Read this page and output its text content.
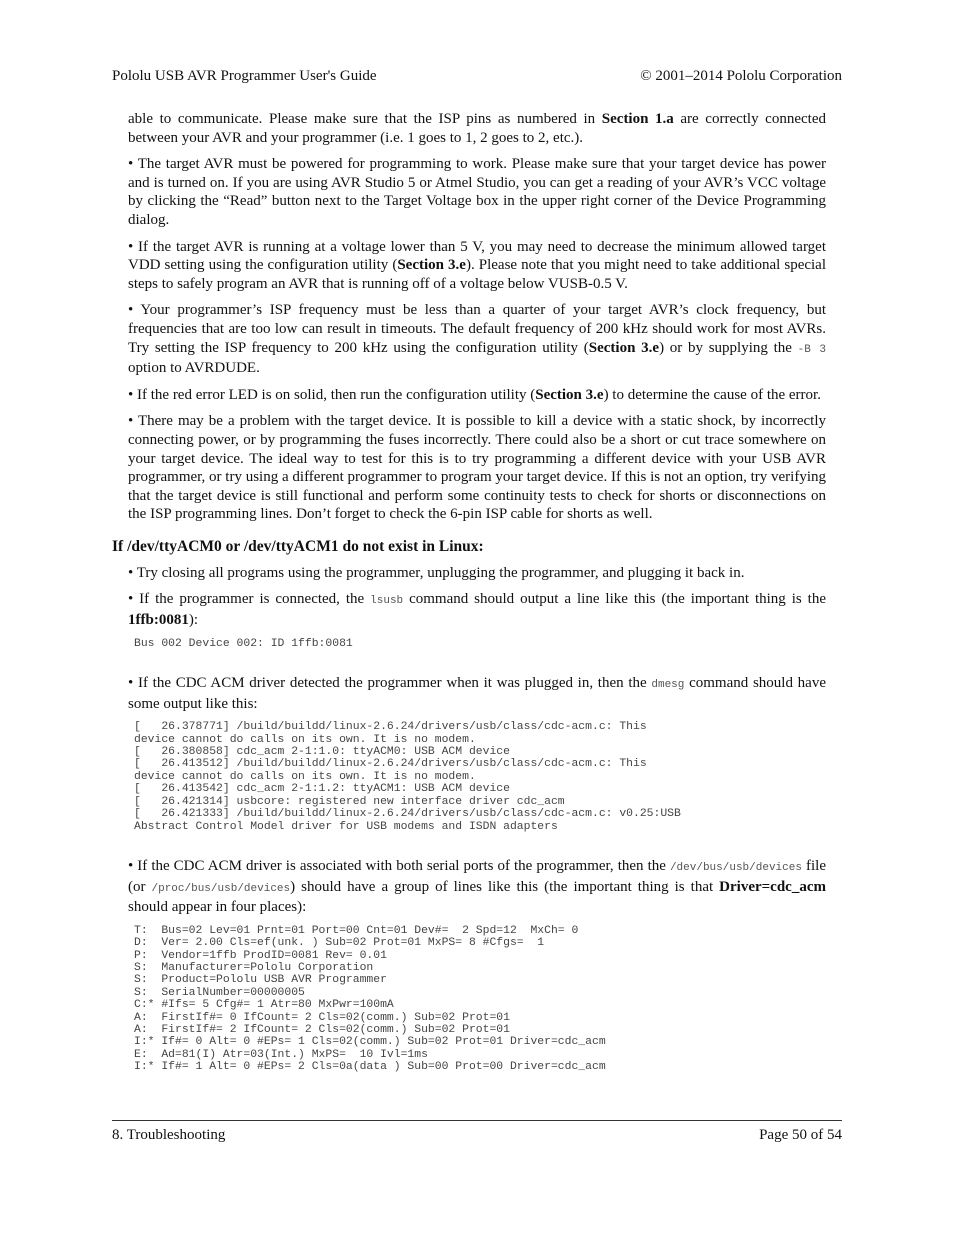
Pololu USB AVR Programmer User's Guide	© 2001–2014 Pololu Corporation

able to communicate. Please make sure that the ISP pins as numbered in Section 1.a are correctly connected between your AVR and your programmer (i.e. 1 goes to 1, 2 goes to 2, etc.).

• The target AVR must be powered for programming to work. Please make sure that your target device has power and is turned on. If you are using AVR Studio 5 or Atmel Studio, you can get a reading of your AVR’s VCC voltage by clicking the “Read” button next to the Target Voltage box in the upper right corner of the Device Programming dialog.

• If the target AVR is running at a voltage lower than 5 V, you may need to decrease the minimum allowed target VDD setting using the configuration utility (Section 3.e). Please note that you might need to take additional special steps to safely program an AVR that is running off of a voltage below VUSB-0.5 V.

• Your programmer’s ISP frequency must be less than a quarter of your target AVR’s clock frequency, but frequencies that are too low can result in timeouts. The default frequency of 200 kHz should work for most AVRs. Try setting the ISP frequency to 200 kHz using the configuration utility (Section 3.e) or by supplying the -B 3 option to AVRDUDE.

• If the red error LED is on solid, then run the configuration utility (Section 3.e) to determine the cause of the error.

• There may be a problem with the target device. It is possible to kill a device with a static shock, by incorrectly connecting power, or by programming the fuses incorrectly. There could also be a short or cut trace somewhere on your target device. The ideal way to test for this is to try programming a different device with your USB AVR programmer, or try using a different programmer to program your target device. If this is not an option, try verifying that the target device is still functional and perform some continuity tests to check for shorts or disconnections on the ISP programming lines. Don’t forget to check the 6-pin ISP cable for shorts as well.

If /dev/ttyACM0 or /dev/ttyACM1 do not exist in Linux:

• Try closing all programs using the programmer, unplugging the programmer, and plugging it back in.

• If the programmer is connected, the lsusb command should output a line like this (the important thing is the 1ffb:0081):

Bus 002 Device 002: ID 1ffb:0081

• If the CDC ACM driver detected the programmer when it was plugged in, then the dmesg command should have some output like this:

[   26.378771] /build/buildd/linux-2.6.24/drivers/usb/class/cdc-acm.c: This
device cannot do calls on its own. It is no modem.
[   26.380858] cdc_acm 2-1:1.0: ttyACM0: USB ACM device
[   26.413512] /build/buildd/linux-2.6.24/drivers/usb/class/cdc-acm.c: This
device cannot do calls on its own. It is no modem.
[   26.413542] cdc_acm 2-1:1.2: ttyACM1: USB ACM device
[   26.421314] usbcore: registered new interface driver cdc_acm
[   26.421333] /build/buildd/linux-2.6.24/drivers/usb/class/cdc-acm.c: v0.25:USB
Abstract Control Model driver for USB modems and ISDN adapters

• If the CDC ACM driver is associated with both serial ports of the programmer, then the /dev/bus/usb/devices file (or /proc/bus/usb/devices) should have a group of lines like this (the important thing is that Driver=cdc_acm should appear in four places):

T:  Bus=02 Lev=01 Prnt=01 Port=00 Cnt=01 Dev#=  2 Spd=12  MxCh= 0
D:  Ver= 2.00 Cls=ef(unk. ) Sub=02 Prot=01 MxPS= 8 #Cfgs=  1
P:  Vendor=1ffb ProdID=0081 Rev= 0.01
S:  Manufacturer=Pololu Corporation
S:  Product=Pololu USB AVR Programmer
S:  SerialNumber=00000005
C:* #Ifs= 5 Cfg#= 1 Atr=80 MxPwr=100mA
A:  FirstIf#= 0 IfCount= 2 Cls=02(comm.) Sub=02 Prot=01
A:  FirstIf#= 2 IfCount= 2 Cls=02(comm.) Sub=02 Prot=01
I:* If#= 0 Alt= 0 #EPs= 1 Cls=02(comm.) Sub=02 Prot=01 Driver=cdc_acm
E:  Ad=81(I) Atr=03(Int.) MxPS=  10 Ivl=1ms
I:* If#= 1 Alt= 0 #EPs= 2 Cls=0a(data ) Sub=00 Prot=00 Driver=cdc_acm
8. Troubleshooting	Page 50 of 54
